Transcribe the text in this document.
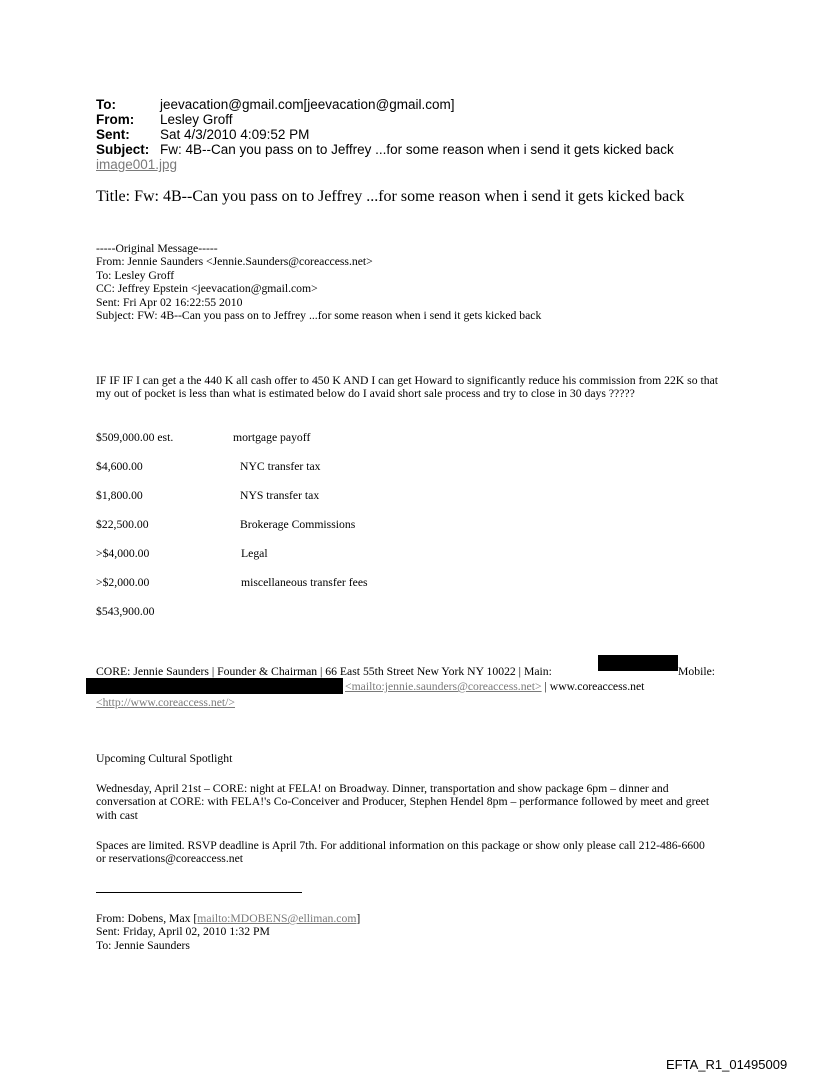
To:	jeevacation@gmail.com[jeevacation@gmail.com]
From:	Lesley Groff
Sent:	Sat 4/3/2010 4:09:52 PM
Subject: Fw: 4B--Can you pass on to Jeffrey ...for some reason when i send it gets kicked back
image001.jpg
Title: Fw: 4B--Can you pass on to Jeffrey ...for some reason when i send it gets kicked back
-----Original Message-----
From: Jennie Saunders <Jennie.Saunders@coreaccess.net>
To: Lesley Groff
CC: Jeffrey Epstein <jeevacation@gmail.com>
Sent: Fri Apr 02 16:22:55 2010
Subject: FW: 4B--Can you pass on to Jeffrey ...for some reason when i send it gets kicked back
IF IF IF I can get a the 440 K all cash offer to 450 K AND I can get Howard to significantly reduce his commission from 22K so that my out of pocket is less than what is estimated below do I avaid short sale process and try to close in 30 days ?????
$509,000.00 est.	mortgage payoff
$4,600.00	NYC transfer tax
$1,800.00	NYS transfer tax
$22,500.00	Brokerage Commissions
>$4,000.00	Legal
>$2,000.00	miscellaneous transfer fees
$543,900.00
CORE: Jennie Saunders | Founder & Chairman | 66 East 55th Street New York NY 10022 | Main:	Mobile:
<mailto:jennie.saunders@coreaccess.net> | www.coreaccess.net
<http://www.coreaccess.net/>
Upcoming Cultural Spotlight
Wednesday, April 21st – CORE: night at FELA! on Broadway. Dinner, transportation and show package 6pm – dinner and conversation at CORE: with FELA!'s Co-Conceiver and Producer, Stephen Hendel 8pm – performance followed by meet and greet with cast
Spaces are limited. RSVP deadline is April 7th. For additional information on this package or show only please call 212-486-6600 or reservations@coreaccess.net
From: Dobens, Max [mailto:MDOBENS@elliman.com]
Sent: Friday, April 02, 2010 1:32 PM
To: Jennie Saunders
EFTA_R1_01495009
